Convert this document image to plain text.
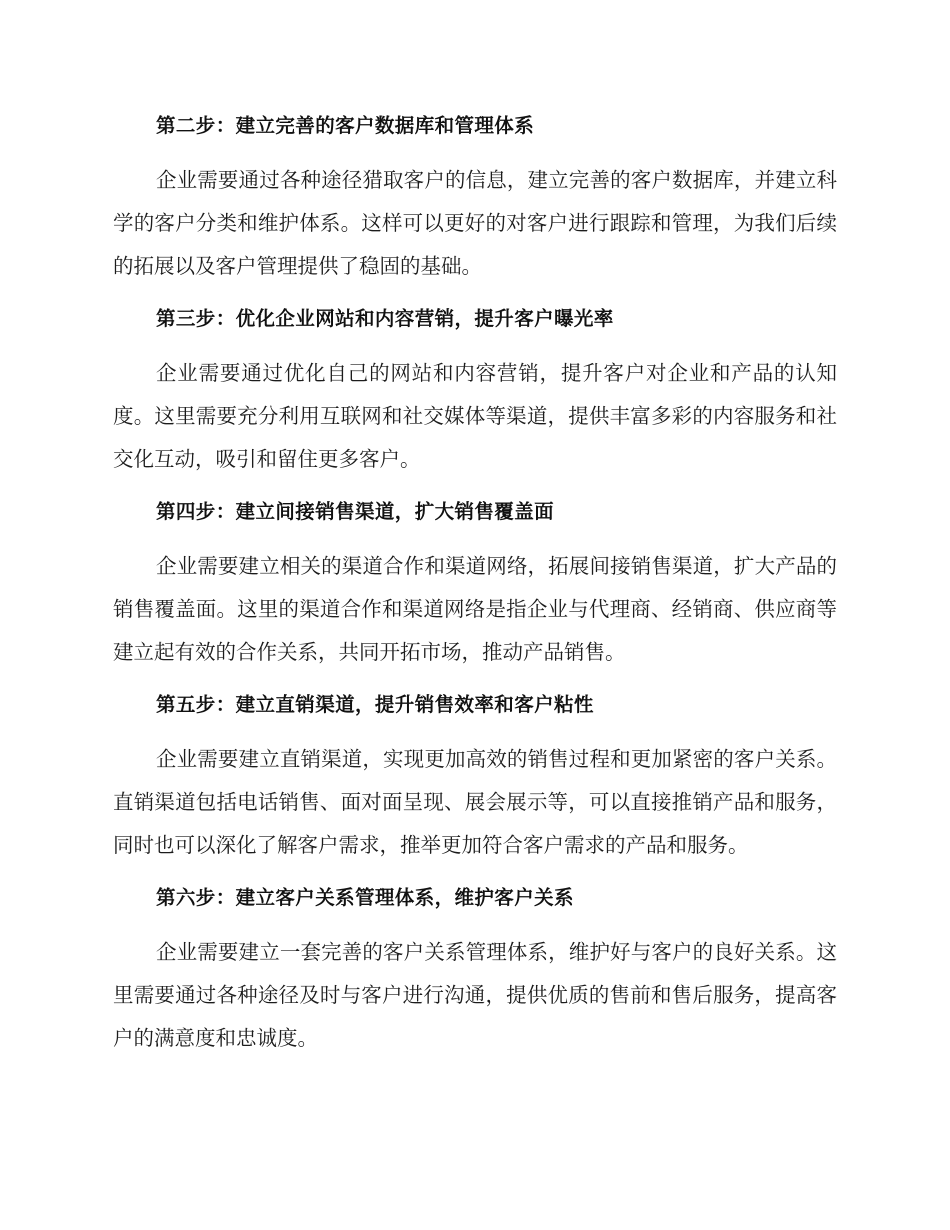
第二步：建立完善的客户数据库和管理体系

企业需要通过各种途径猎取客户的信息，建立完善的客户数据库，并建立科学的客户分类和维护体系。这样可以更好的对客户进行跟踪和管理，为我们后续的拓展以及客户管理提供了稳固的基础。

第三步：优化企业网站和内容营销，提升客户曝光率

企业需要通过优化自己的网站和内容营销，提升客户对企业和产品的认知度。这里需要充分利用互联网和社交媒体等渠道，提供丰富多彩的内容服务和社交化互动，吸引和留住更多客户。

第四步：建立间接销售渠道，扩大销售覆盖面

企业需要建立相关的渠道合作和渠道网络，拓展间接销售渠道，扩大产品的销售覆盖面。这里的渠道合作和渠道网络是指企业与代理商、经销商、供应商等建立起有效的合作关系，共同开拓市场，推动产品销售。

第五步：建立直销渠道，提升销售效率和客户粘性

企业需要建立直销渠道，实现更加高效的销售过程和更加紧密的客户关系。直销渠道包括电话销售、面对面呈现、展会展示等，可以直接推销产品和服务，同时也可以深化了解客户需求，推举更加符合客户需求的产品和服务。

第六步：建立客户关系管理体系，维护客户关系

企业需要建立一套完善的客户关系管理体系，维护好与客户的良好关系。这里需要通过各种途径及时与客户进行沟通，提供优质的售前和售后服务，提高客户的满意度和忠诚度。
